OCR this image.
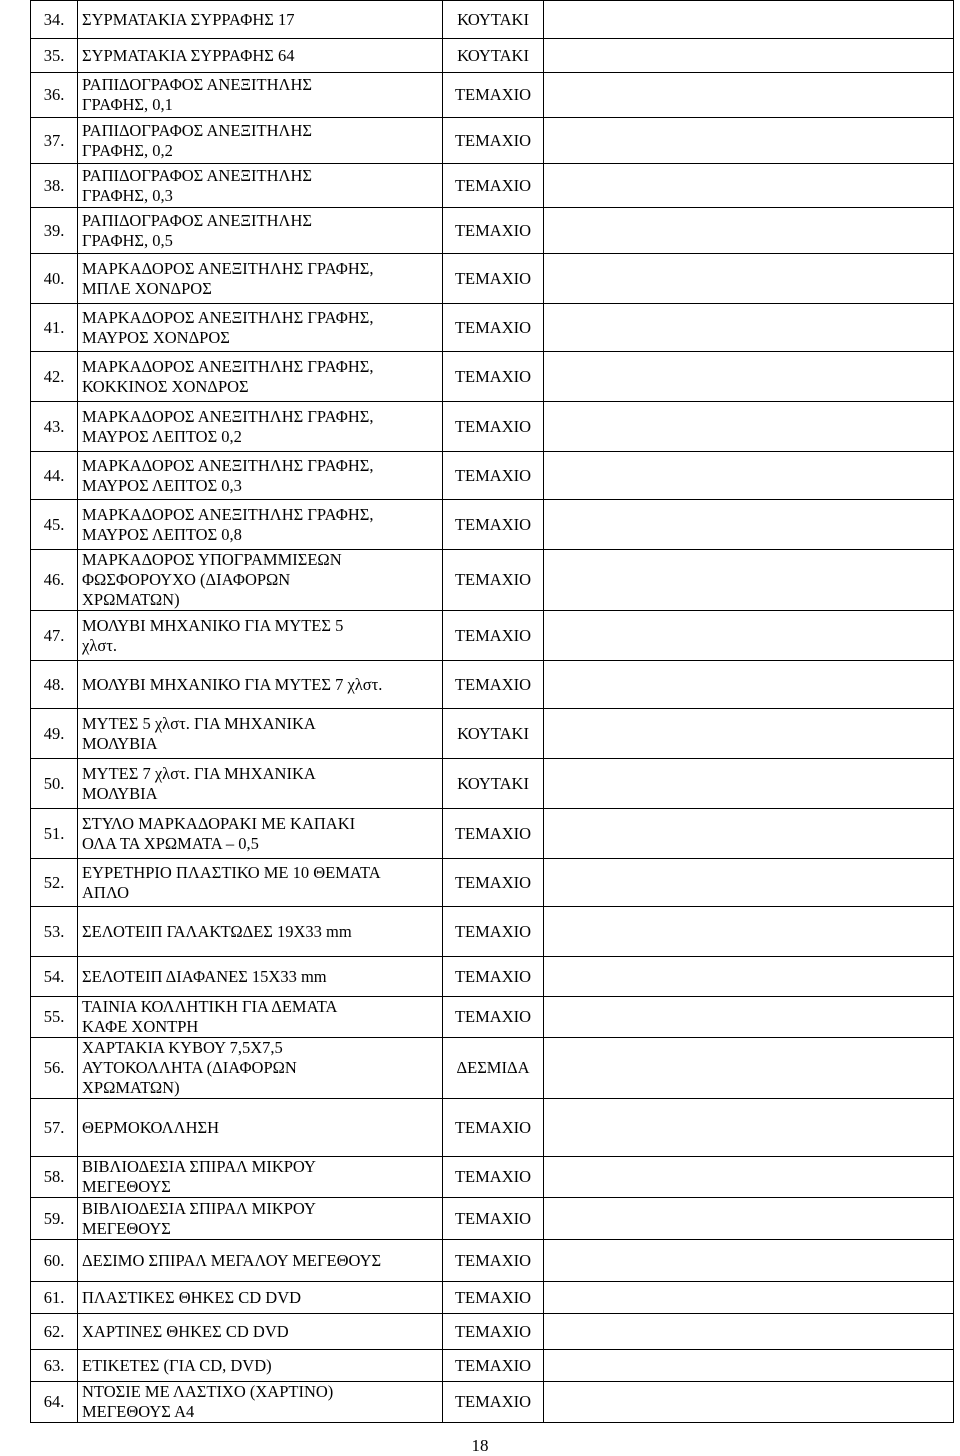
34.	ΣΥΡΜΑΤΑΚΙΑ ΣΥΡΡΑΦΗΣ 17	ΚΟΥΤΑΚΙ	
35.	ΣΥΡΜΑΤΑΚΙΑ ΣΥΡΡΑΦΗΣ 64	ΚΟΥΤΑΚΙ	
36.	ΡΑΠΙΔΟΓΡΑΦΟΣ ΑΝΕΞΙΤΗΛΗΣ
ΓΡΑΦΗΣ, 0,1	ΤΕΜΑΧΙΟ	
37.	ΡΑΠΙΔΟΓΡΑΦΟΣ ΑΝΕΞΙΤΗΛΗΣ
ΓΡΑΦΗΣ, 0,2	ΤΕΜΑΧΙΟ	
38.	ΡΑΠΙΔΟΓΡΑΦΟΣ ΑΝΕΞΙΤΗΛΗΣ
ΓΡΑΦΗΣ, 0,3	ΤΕΜΑΧΙΟ	
39.	ΡΑΠΙΔΟΓΡΑΦΟΣ ΑΝΕΞΙΤΗΛΗΣ
ΓΡΑΦΗΣ, 0,5	ΤΕΜΑΧΙΟ	
40.	ΜΑΡΚΑΔΟΡΟΣ ΑΝΕΞΙΤΗΛΗΣ ΓΡΑΦΗΣ,
ΜΠΛΕ ΧΟΝΔΡΟΣ	ΤΕΜΑΧΙΟ	
41.	ΜΑΡΚΑΔΟΡΟΣ ΑΝΕΞΙΤΗΛΗΣ ΓΡΑΦΗΣ,
ΜΑΥΡΟΣ ΧΟΝΔΡΟΣ	ΤΕΜΑΧΙΟ	
42.	ΜΑΡΚΑΔΟΡΟΣ ΑΝΕΞΙΤΗΛΗΣ ΓΡΑΦΗΣ,
ΚΟΚΚΙΝΟΣ ΧΟΝΔΡΟΣ	ΤΕΜΑΧΙΟ	
43.	ΜΑΡΚΑΔΟΡΟΣ ΑΝΕΞΙΤΗΛΗΣ ΓΡΑΦΗΣ,
ΜΑΥΡΟΣ ΛΕΠΤΟΣ 0,2	ΤΕΜΑΧΙΟ	
44.	ΜΑΡΚΑΔΟΡΟΣ ΑΝΕΞΙΤΗΛΗΣ ΓΡΑΦΗΣ,
ΜΑΥΡΟΣ ΛΕΠΤΟΣ 0,3	ΤΕΜΑΧΙΟ	
45.	ΜΑΡΚΑΔΟΡΟΣ ΑΝΕΞΙΤΗΛΗΣ ΓΡΑΦΗΣ,
ΜΑΥΡΟΣ ΛΕΠΤΟΣ 0,8	ΤΕΜΑΧΙΟ	
46.	ΜΑΡΚΑΔΟΡΟΣ ΥΠΟΓΡΑΜΜΙΣΕΩΝ
ΦΩΣΦΟΡΟΥΧΟ (ΔΙΑΦΟΡΩΝ
ΧΡΩΜΑΤΩΝ)	ΤΕΜΑΧΙΟ	
47.	ΜΟΛΥΒΙ ΜΗΧΑΝΙΚΟ ΓΙΑ ΜΥΤΕΣ 5
χλστ.	ΤΕΜΑΧΙΟ	
48.	ΜΟΛΥΒΙ ΜΗΧΑΝΙΚΟ ΓΙΑ ΜΥΤΕΣ 7 χλστ.	ΤΕΜΑΧΙΟ	
49.	ΜΥΤΕΣ 5 χλστ. ΓΙΑ ΜΗΧΑΝΙΚΑ
ΜΟΛΥΒΙΑ	ΚΟΥΤΑΚΙ	
50.	ΜΥΤΕΣ 7 χλστ. ΓΙΑ ΜΗΧΑΝΙΚΑ
ΜΟΛΥΒΙΑ	ΚΟΥΤΑΚΙ	
51.	ΣΤΥΛΟ ΜΑΡΚΑΔΟΡΑΚΙ ΜΕ ΚΑΠΑΚΙ
ΟΛΑ ΤΑ ΧΡΩΜΑΤΑ – 0,5	ΤΕΜΑΧΙΟ	
52.	ΕΥΡΕΤΗΡΙΟ ΠΛΑΣΤΙΚΟ ΜΕ 10 ΘΕΜΑΤΑ
ΑΠΛΟ	ΤΕΜΑΧΙΟ	
53.	ΣΕΛΟΤΕΙΠ ΓΑΛΑΚΤΩΔΕΣ 19Χ33 mm	ΤΕΜΑΧΙΟ	
54.	ΣΕΛΟΤΕΙΠ ΔΙΑΦΑΝΕΣ 15Χ33 mm	ΤΕΜΑΧΙΟ	
55.	ΤΑΙΝΙΑ ΚΟΛΛΗΤΙΚΗ ΓΙΑ ΔΕΜΑΤΑ
ΚΑΦΕ ΧΟΝΤΡΗ	ΤΕΜΑΧΙΟ	
56.	ΧΑΡΤΑΚΙΑ ΚΥΒΟΥ 7,5Χ7,5
ΑΥΤΟΚΟΛΛΗΤΑ (ΔΙΑΦΟΡΩΝ
ΧΡΩΜΑΤΩΝ)	ΔΕΣΜΙΔΑ	
57.	ΘΕΡΜΟΚΟΛΛΗΣΗ	ΤΕΜΑΧΙΟ	
58.	ΒΙΒΛΙΟΔΕΣΙΑ ΣΠΙΡΑΛ ΜΙΚΡΟΥ
ΜΕΓΕΘΟΥΣ	ΤΕΜΑΧΙΟ	
59.	ΒΙΒΛΙΟΔΕΣΙΑ ΣΠΙΡΑΛ ΜΙΚΡΟΥ
ΜΕΓΕΘΟΥΣ	ΤΕΜΑΧΙΟ	
60.	ΔΕΣΙΜΟ ΣΠΙΡΑΛ ΜΕΓΑΛΟΥ ΜΕΓΕΘΟΥΣ	ΤΕΜΑΧΙΟ	
61.	ΠΛΑΣΤΙΚΕΣ ΘΗΚΕΣ CD DVD	ΤΕΜΑΧΙΟ	
62.	ΧΑΡΤΙΝΕΣ ΘΗΚΕΣ CD DVD	ΤΕΜΑΧΙΟ	
63.	ΕΤΙΚΕΤΕΣ (ΓΙΑ CD, DVD)	ΤΕΜΑΧΙΟ	
64.	ΝΤΟΣΙΕ ΜΕ ΛΑΣΤΙΧΟ (ΧΑΡΤΙΝΟ)
ΜΕΓΕΘΟΥΣ Α4	ΤΕΜΑΧΙΟ	
18
